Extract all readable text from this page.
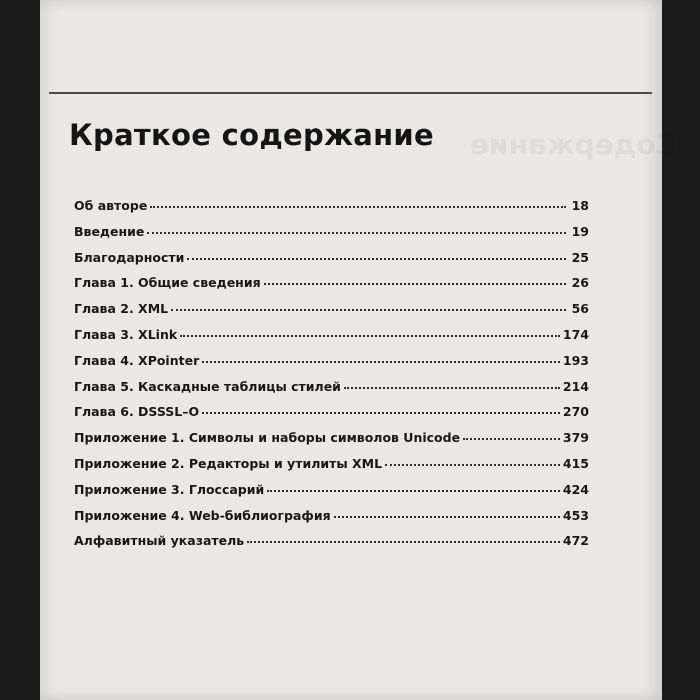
Содержание
Краткое содержание
Об авторе	18
Введение	19
Благодарности	25
Глава 1. Общие сведения	26
Глава 2. XML	56
Глава 3. XLink	174
Глава 4. XPointer	193
Глава 5. Каскадные таблицы стилей	214
Глава 6. DSSSL–O	270
Приложение 1. Символы и наборы символов Unicode	379
Приложение 2. Редакторы и утилиты XML	415
Приложение 3. Глоссарий	424
Приложение 4. Web-библиография	453
Алфавитный указатель	472
